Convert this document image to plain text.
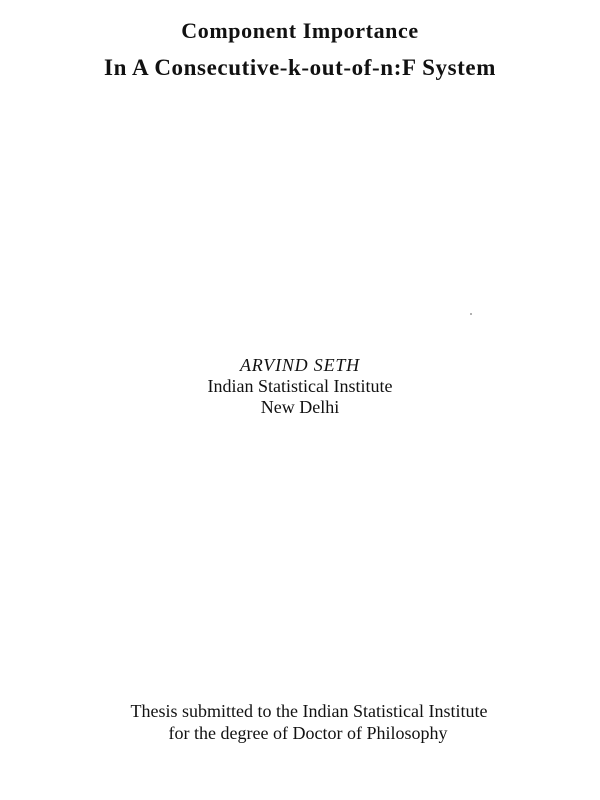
Component Importance
In A Consecutive-k-out-of-n:F System
ARVIND SETH
Indian Statistical Institute
New Delhi
Thesis submitted to the Indian Statistical Institute
for the degree of Doctor of Philosophy
